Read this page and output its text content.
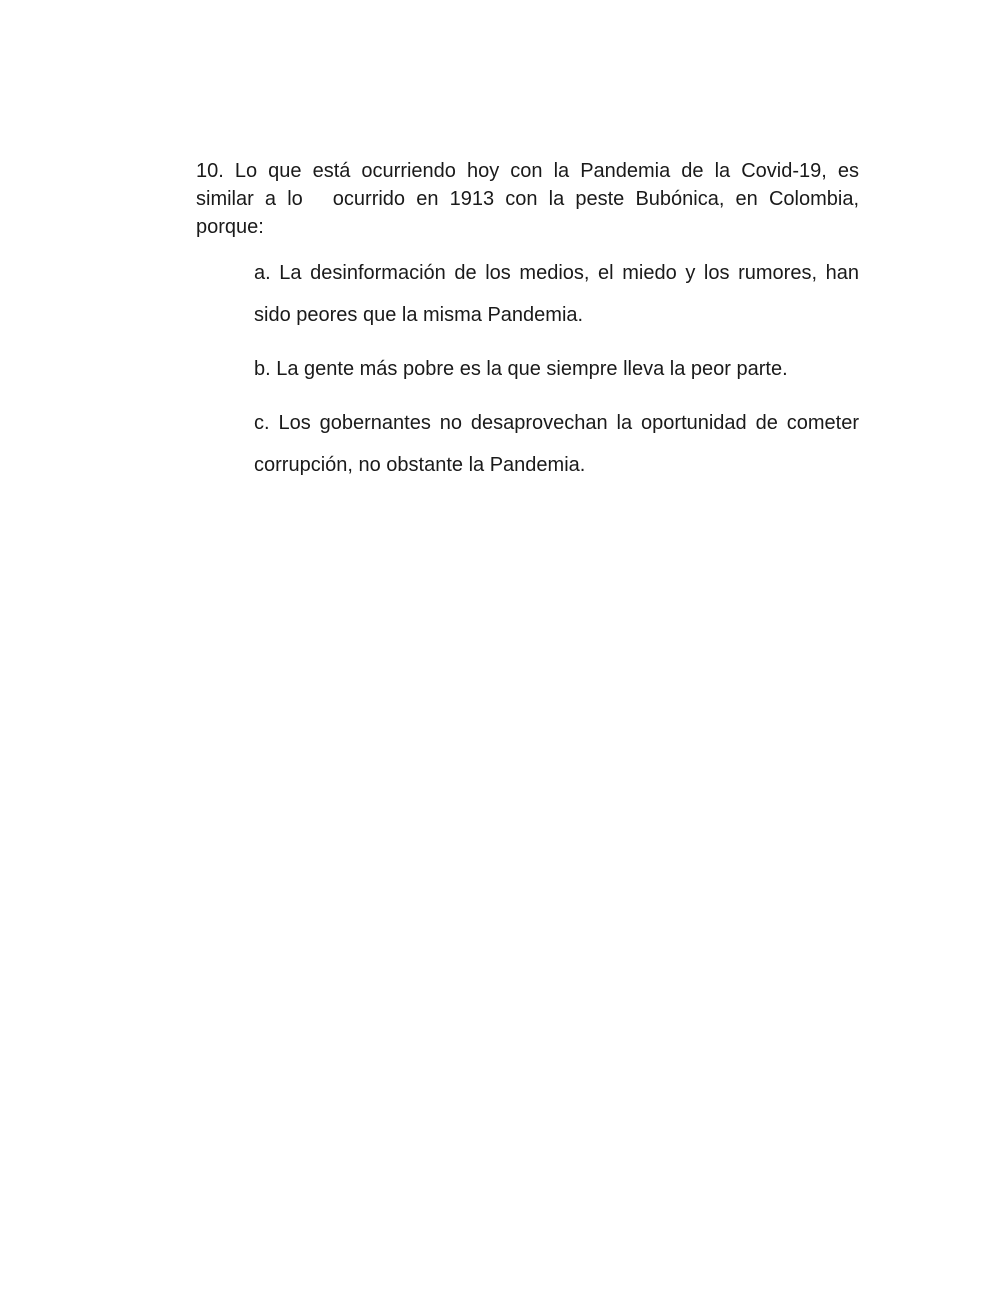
10. Lo que está ocurriendo hoy con la Pandemia de la Covid-19, es
similar a lo ocurrido en 1913 con la peste Bubónica, en Colombia,
porque:
a. La desinformación de los medios, el miedo y los rumores, han
sido peores que la misma Pandemia.
b. La gente más pobre es la que siempre lleva la peor parte.
c. Los gobernantes no desaprovechan la oportunidad de cometer
corrupción, no obstante la Pandemia.
